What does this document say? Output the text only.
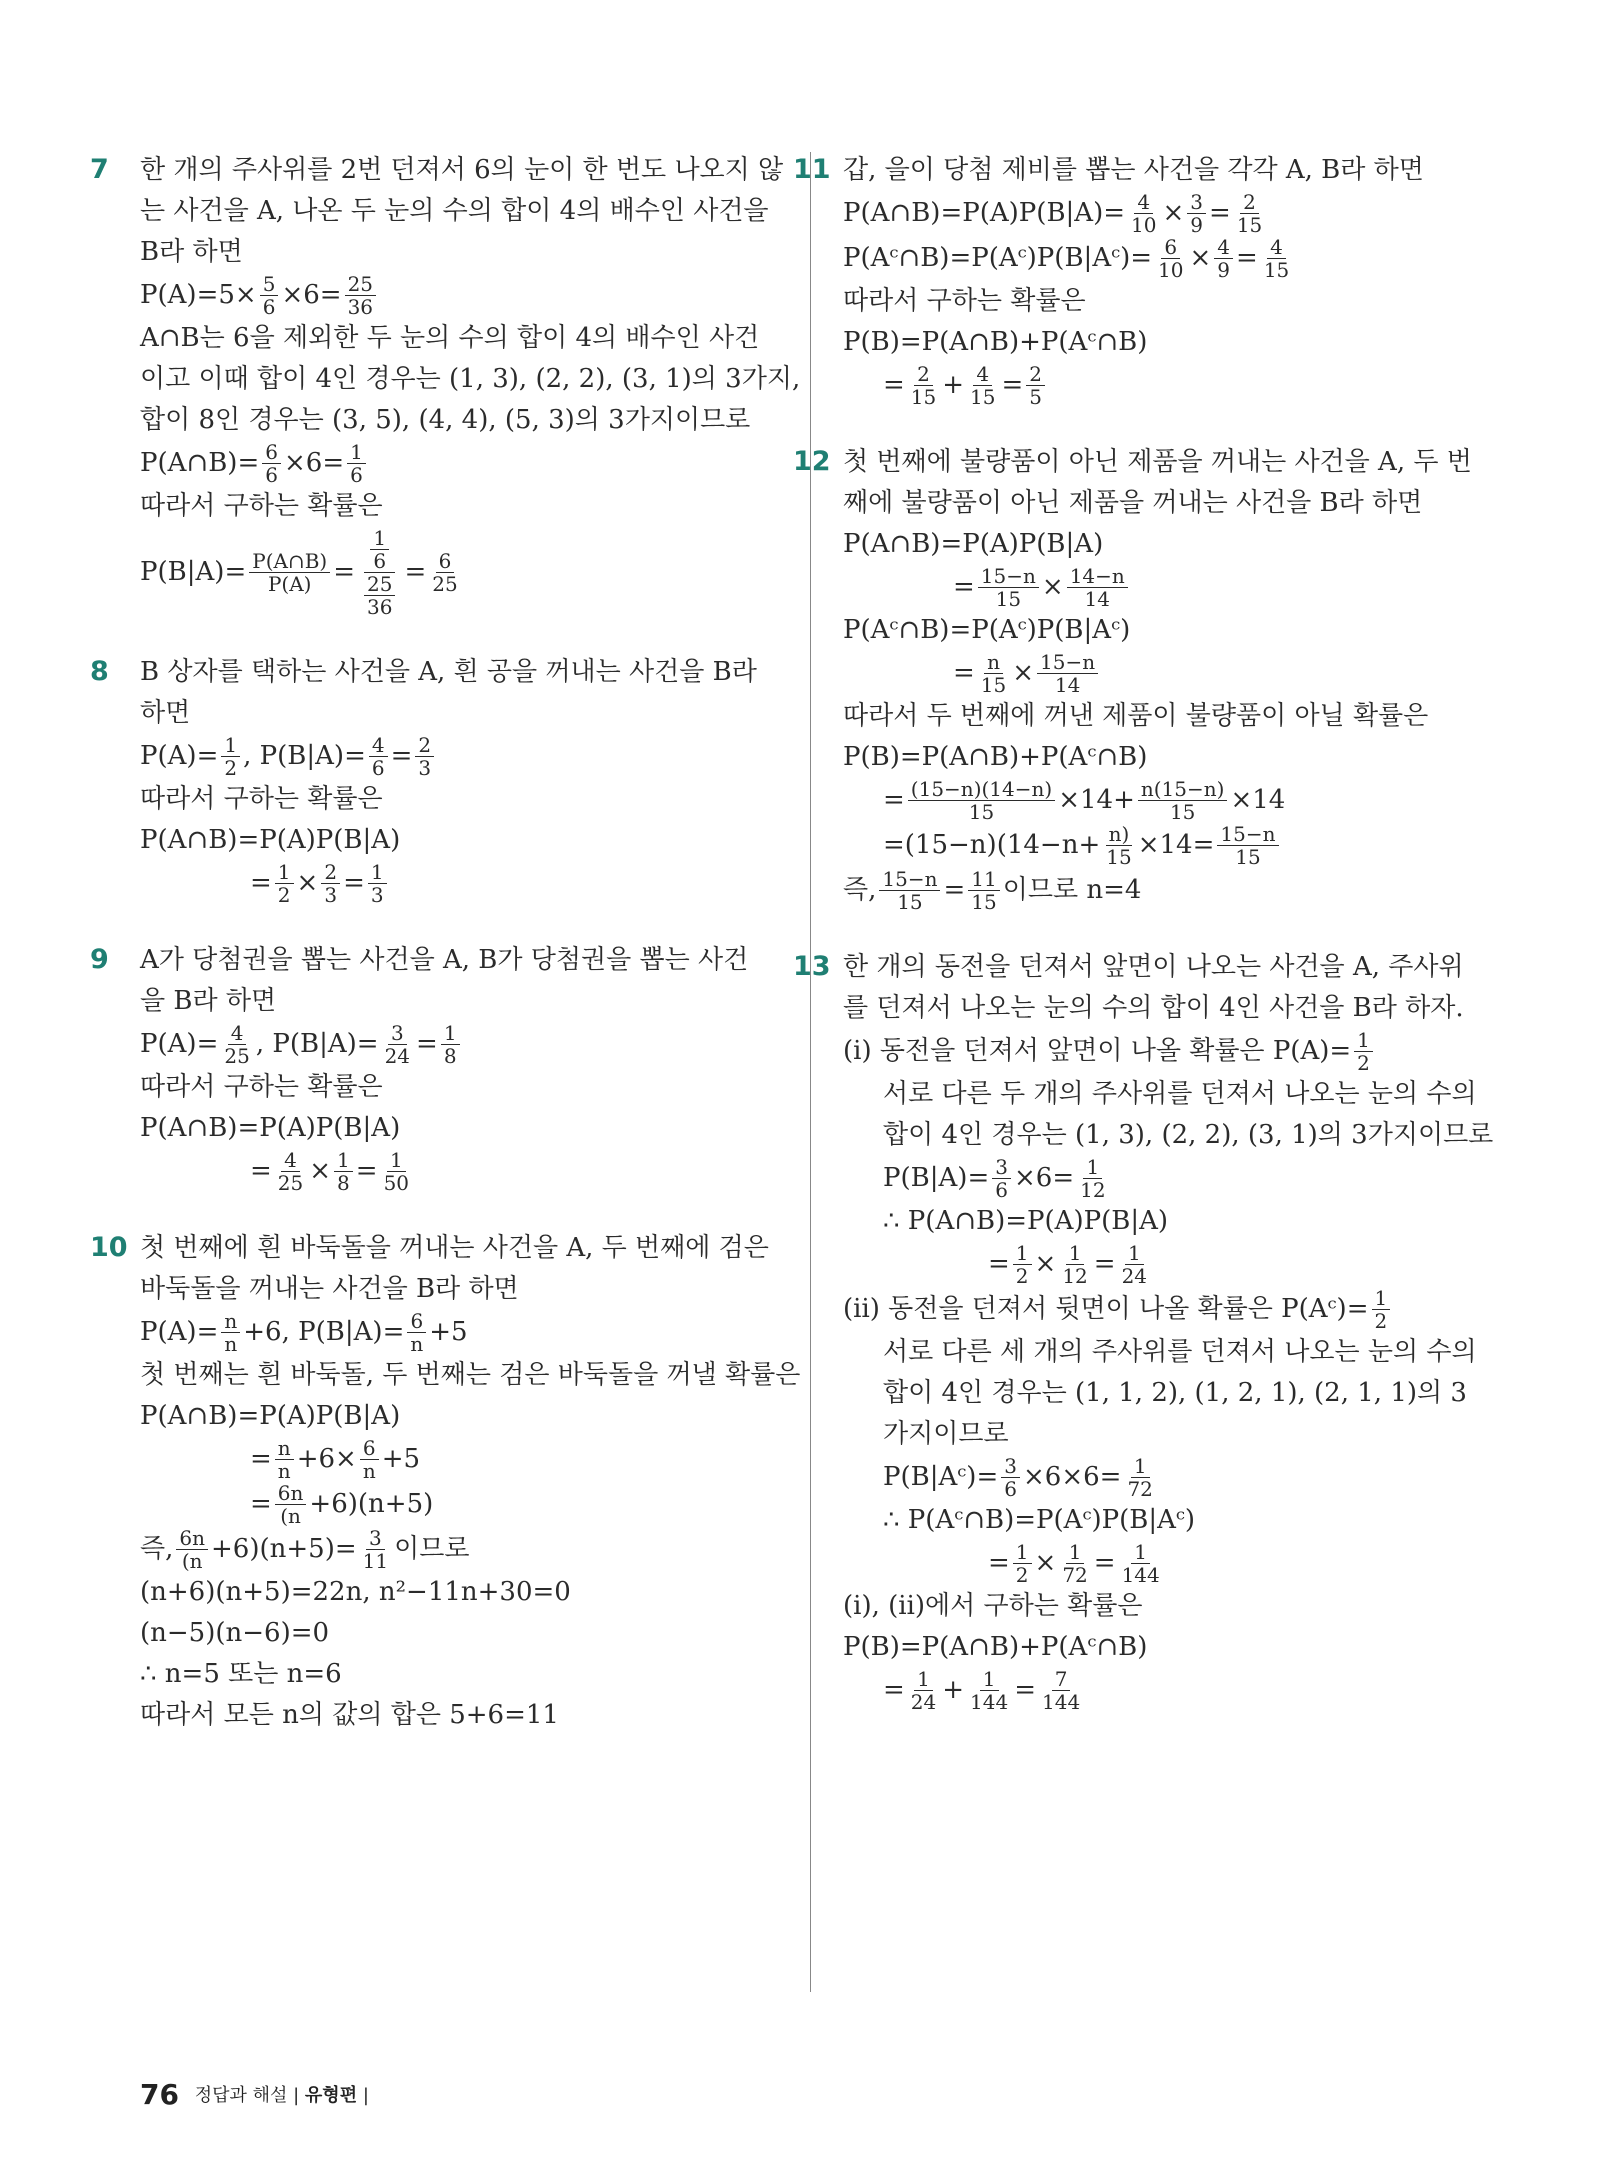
7 한 개의 주사위를 2번 던져서 6의 눈이 한 번도 나오지 않
는 사건을 A, 나온 두 눈의 수의 합이 4의 배수인 사건을
B라 하면
$P(A)=5\times \frac{5}{6} \times 6= \frac{25}{36}$
A∩B는 6을 제외한 두 눈의 수의 합이 4의 배수인 사건
이고 이때 합이 4인 경우는 (1, 3), (2, 2), (3, 1)의 3가지,
합이 8인 경우는 (3, 5), (4, 4), (5, 3)의 3가지이므로
P(A∩B)= $\frac{6}{6} \times 6= \frac{1}{6}$
따라서 구하는 확률은
$P(B|A)= \frac{P(A\cap B)}{P(A)} = \frac{\frac{1}{6}}{\frac{25}{36}} = \frac{6}{25}$
8 B 상자를 택하는 사건을 A, 흰 공을 꺼내는 사건을 B라
하면
$P(A)= \frac{1}{2}$ , $P(B|A)= \frac{4}{6} = \frac{2}{3}$
따라서 구하는 확률은
P(A∩B)=P(A)P(B|A)
= $\frac{1}{2} \times \frac{2}{3} = \frac{1}{3}$
9 A가 당첨권을 뽑는 사건을 A, B가 당첨권을 뽑는 사건
을 B라 하면
$P(A)= \frac{4}{25}$ , $P(B|A)= \frac{3}{24} = \frac{1}{8}$
따라서 구하는 확률은
P(A∩B)=P(A)P(B|A)
= $\frac{4}{25} \times \frac{1}{8} = \frac{1}{50}$
10 첫 번째에 흰 바둑돌을 꺼내는 사건을 A, 두 번째에 검은
바둑돌을 꺼내는 사건을 B라 하면
$P(A)= \frac{n}{n} +6$, $P(B|A)= \frac{6}{n} +5$
첫 번째는 흰 바둑돌, 두 번째는 검은 바둑돌을 꺼낼 확률은
P(A∩B)=P(A)P(B|A)
= $\frac{n}{n} +6\times \frac{6}{n} +5$
= $\frac{6n}{(n} +6)(n+5)$
즉, $\frac{6n}{(n} +6)(n+5)= \frac{3}{11}$ 이므로
(n+6)(n+5)=22n, n²−11n+30=0
(n−5)(n−6)=0
∴ n=5 또는 n=6
따라서 모든 n의 값의 합은 5+6=11
11 갑, 을이 당첨 제비를 뽑는 사건을 각각 A, B라 하면
P(A∩B)=P(A)P(B|A)= $\frac{4}{10} \times \frac{3}{9} = \frac{2}{15}$
P(Aᶜ∩B)=P(Aᶜ)P(B|Aᶜ)= $\frac{6}{10} \times \frac{4}{9} = \frac{4}{15}$
따라서 구하는 확률은
P(B)=P(A∩B)+P(Aᶜ∩B)
= $\frac{2}{15} + \frac{4}{15} = \frac{2}{5}$
12 첫 번째에 불량품이 아닌 제품을 꺼내는 사건을 A, 두 번
째에 불량품이 아닌 제품을 꺼내는 사건을 B라 하면
P(A∩B)=P(A)P(B|A)
= $\frac{15-n}{15} \times \frac{14-n}{14}$
P(Aᶜ∩B)=P(Aᶜ)P(B|Aᶜ)
= $\frac{n}{15} \times \frac{15-n}{14}$
따라서 두 번째에 꺼낸 제품이 불량품이 아닐 확률은
P(B)=P(A∩B)+P(Aᶜ∩B)
= $\frac{(15-n)(14-n)}{15} \times 14+ \frac{n(15-n)}{15} \times 14$
$=(15-n)(14-n+ \frac{n)}{15} \times 14= \frac{15-n}{15}$
즉, $\frac{15-n}{15} = \frac{11}{15}$ 이므로 n=4
13 한 개의 동전을 던져서 앞면이 나오는 사건을 A, 주사위
를 던져서 나오는 눈의 수의 합이 4인 사건을 B라 하자.
(ⅰ) 동전을 던져서 앞면이 나올 확률은 $P(A)= \frac{1}{2}$
서로 다른 두 개의 주사위를 던져서 나오는 눈의 수의
합이 4인 경우는 (1, 3), (2, 2), (3, 1)의 3가지이므로
$P(B|A)= \frac{3}{6} \times 6= \frac{1}{12}$
∴ P(A∩B)=P(A)P(B|A)
= $\frac{1}{2} \times \frac{1}{12} = \frac{1}{24}$
(ⅱ) 동전을 던져서 뒷면이 나올 확률은 P(Aᶜ)= $\frac{1}{2}$
서로 다른 세 개의 주사위를 던져서 나오는 눈의 수의
합이 4인 경우는 (1, 1, 2), (1, 2, 1), (2, 1, 1)의 3
가지이므로
P(B|Aᶜ)= $\frac{3}{6} \times 6\times 6= \frac{1}{72}$
∴ P(Aᶜ∩B)=P(Aᶜ)P(B|Aᶜ)
= $\frac{1}{2} \times \frac{1}{72} = \frac{1}{144}$
(ⅰ), (ⅱ)에서 구하는 확률은
P(B)=P(A∩B)+P(Aᶜ∩B)
= $\frac{1}{24} + \frac{1}{144} = \frac{7}{144}$
76 정답과 해설 | 유형편 |
